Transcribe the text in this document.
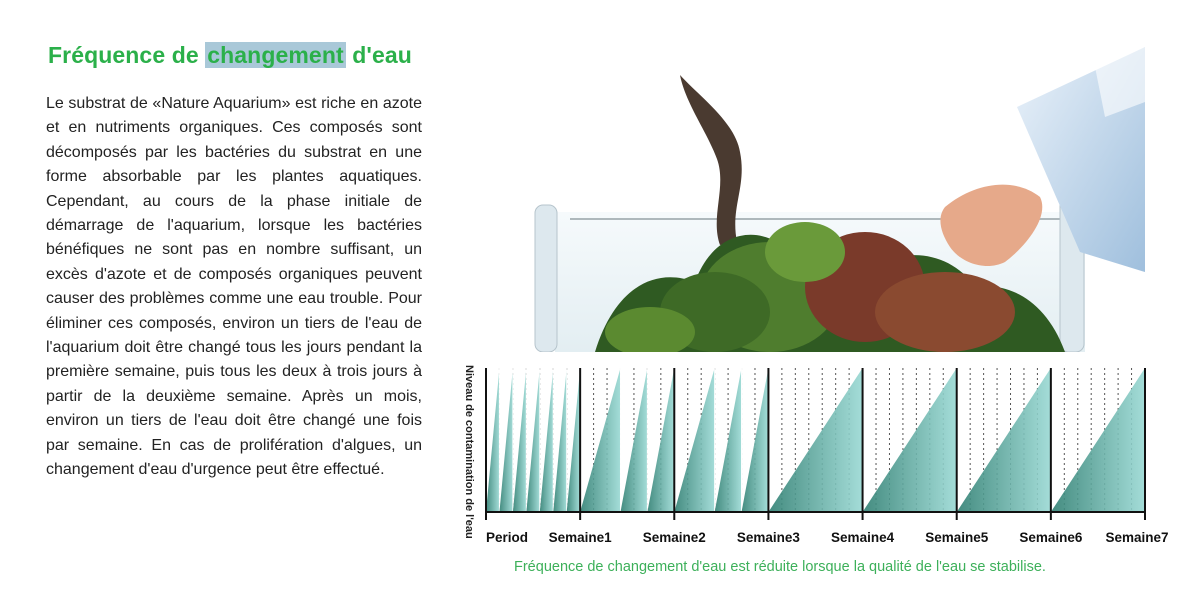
Fréquence de changement d'eau

Le substrat de «Nature Aquarium» est riche en azote et en nutriments organiques. Ces composés sont décomposés par les bactéries du substrat en une forme absorbable par les plantes aquatiques. Cependant, au cours de la phase initiale de démarrage de l'aquarium, lorsque les bactéries bénéfiques ne sont pas en nombre suffisant, un excès d'azote et de composés organiques peuvent causer des problèmes comme une eau trouble. Pour éliminer ces composés, environ un tiers de l'eau de l'aquarium doit être changé tous les jours pendant la première semaine, puis tous les deux à trois jours à partir de la deuxième semaine. Après un mois, environ un tiers de l'eau doit être changé une fois par semaine. En cas de prolifération d'algues, un changement d'eau d'urgence peut être effectué.	Niveau de contamination de l'eau Period Semaine1 Semaine2 Semaine3 Semaine4 Semaine5 Semaine6 Semaine7

Fréquence de changement d'eau est réduite lorsque la qualité de l'eau se stabilise.
